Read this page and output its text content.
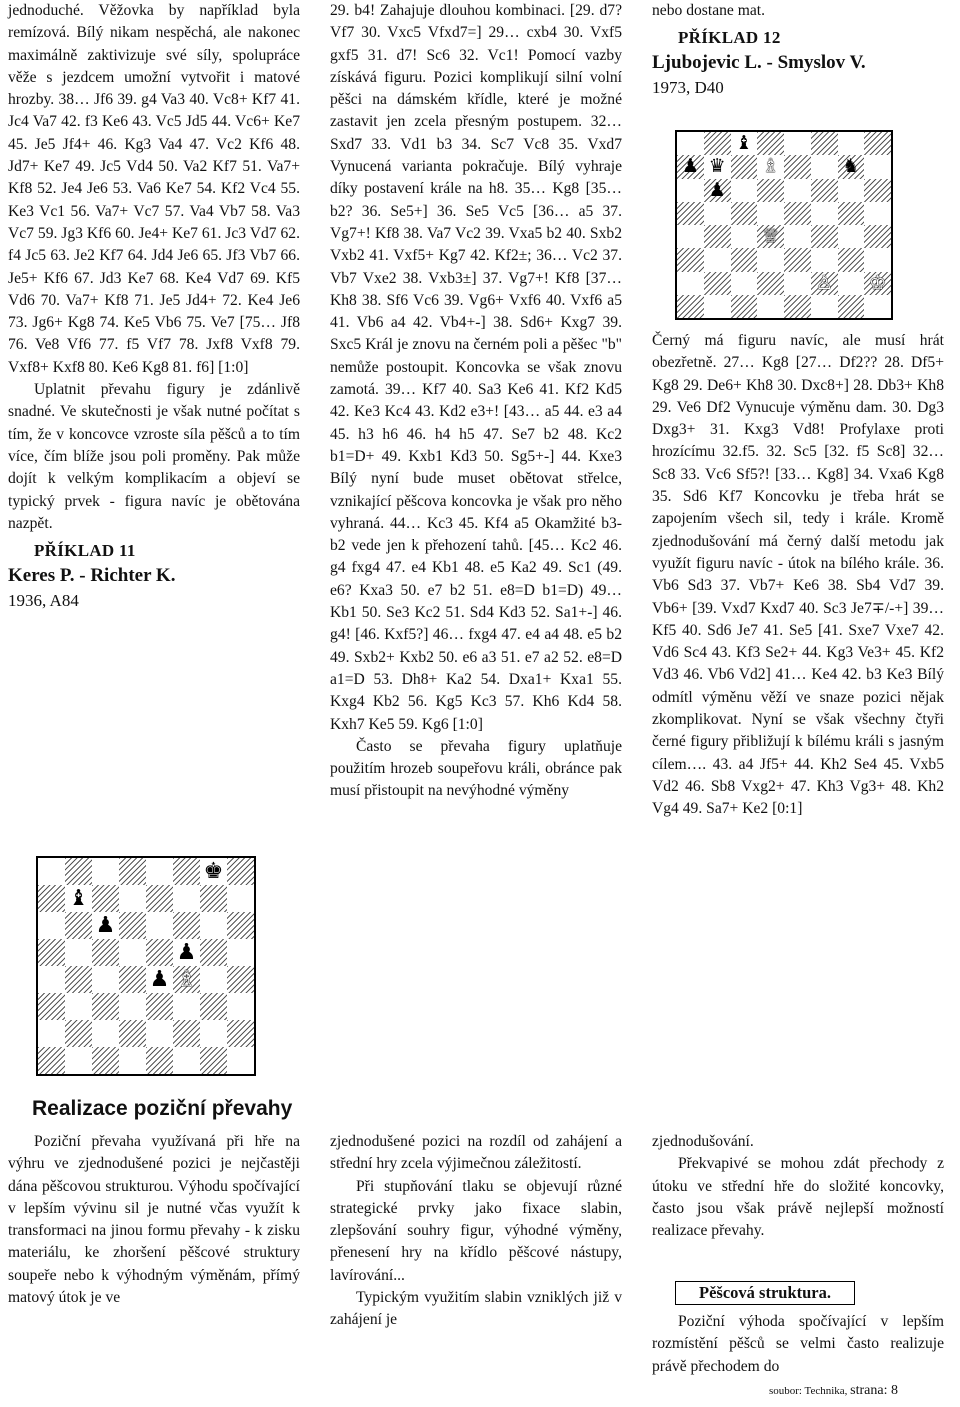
jednoduché. Věžovka by například byla remízová. Bílý nikam nespěchá, ale nakonec maximálně zaktivizuje své síly, spolupráce věže s jezdcem umožní vytvořit i matové hrozby. 38… Jf6 39. g4 Va3 40. Vc8+ Kf7 41. Jc4 Va7 42. f3 Ke6 43. Vc5 Jd5 44. Vc6+ Ke7 45. Je5 Jf4+ 46. Kg3 Va4 47. Vc2 Kf6 48. Jd7+ Ke7 49. Jc5 Vd4 50. Va2 Kf7 51. Va7+ Kf8 52. Je4 Je6 53. Va6 Ke7 54. Kf2 Vc4 55. Ke3 Vc1 56. Va7+ Vc7 57. Va4 Vb7 58. Va3 Vc7 59. Jg3 Kf6 60. Je4+ Ke7 61. Jc3 Vd7 62. f4 Jc5 63. Je2 Kf7 64. Jd4 Je6 65. Jf3 Vb7 66. Je5+ Kf6 67. Jd3 Ke7 68. Ke4 Vd7 69. Kf5 Vd6 70. Va7+ Kf8 71. Je5 Jd4+ 72. Ke4 Je6 73. Jg6+ Kg8 74. Ke5 Vb6 75. Ve7 [75… Jf8 76. Ve8 Vf6 77. f5 Vf7 78. Jxf8 Vxf8 79. Vxf8+ Kxf8 80. Ke6 Kg8 81. f6] [1:0]

Uplatnit převahu figury je zdánlivě snadné. Ve skutečnosti je však nutné počítat s tím, že v koncovce vzroste síla pěšců a to tím více, čím blíže jsou poli proměny. Pak může dojít k velkým komplikacím a objeví se typický prvek - figura navíc je obětována nazpět.

PŘÍKLAD 11

Keres P. - Richter K.

1936, A84

♚
♝
♟
♟
♟ ♗
Realizace poziční převahy

Poziční převaha využívaná při hře na výhru ve zjednodušené pozici je nejčastěji dána pěšcovou strukturou. Výhodu spočívající v lepším vývinu sil je nutné včas využít k transformaci na jinou formu převahy - k zisku materiálu, ke zhoršení pěšcové struktury soupeře nebo k výhodným výměnám, přímý matový útok je ve

29. b4! Zahajuje dlouhou kombinaci. [29. d7? Vf7 30. Vxc5 Vfxd7=] 29… cxb4 30. Vxf5 gxf5 31. d7! Sc6 32. Vc1! Pomocí vazby získává figuru. Pozici komplikují silní volní pěšci na dámském křídle, které je možné zastavit jen zcela přesným postupem. 32… Sxd7 33. Vd1 b3 34. Sc7 Vc8 35. Vxd7 Vynucená varianta pokračuje. Bílý vyhraje díky postavení krále na h8. 35… Kg8 [35… b2? 36. Se5+] 36. Se5 Vc5 [36… a5 37. Vg7+! Kf8 38. Va7 Vc2 39. Vxa5 b2 40. Sxb2 Vxb2 41. Vxf5+ Kg7 42. Kf2±; 36… Vc2 37. Vb7 Vxe2 38. Vxb3±] 37. Vg7+! Kf8 [37… Kh8 38. Sf6 Vc6 39. Vg6+ Vxf6 40. Vxf6 a5 41. Vb6 a4 42. Vb4+-] 38. Sd6+ Kxg7 39. Sxc5 Král je znovu na černém poli a pěšec "b" nemůže postoupit. Koncovka se však znovu zamotá. 39… Kf7 40. Sa3 Ke6 41. Kf2 Kd5 42. Ke3 Kc4 43. Kd2 e3+! [43… a5 44. e3 a4 45. h3 h6 46. h4 h5 47. Se7 b2 48. Kc2 b1=D+ 49. Kxb1 Kd3 50. Sg5+-] 44. Kxe3 Bílý nyní bude muset obětovat střelce, vznikající pěšcova koncovka je však pro něho vyhraná. 44… Kc3 45. Kf4 a5 Okamžité b3-b2 vede jen k přehození tahů. [45… Kc2 46. g4 fxg4 47. e4 Kb1 48. e5 Ka2 49. Sc1 (49. e6? Kxa3 50. e7 b2 51. e8=D b1=D) 49… Kb1 50. Se3 Kc2 51. Sd4 Kd3 52. Sa1+-] 46. g4! [46. Kxf5?] 46… fxg4 47. e4 a4 48. e5 b2 49. Sxb2+ Kxb2 50. e6 a3 51. e7 a2 52. e8=D a1=D 53. Dh8+ Ka2 54. Dxa1+ Kxa1 55. Kxg4 Kb2 56. Kg5 Kc3 57. Kh6 Kd4 58. Kxh7 Ke5 59. Kg6 [1:0]

Často se převaha figury uplatňuje použitím hrozeb soupeřovu králi, obránce pak musí přistoupit na nevýhodné výměny

zjednodušené pozici na rozdíl od zahájení a střední hry zcela výjimečnou záležitostí.

Při stupňování tlaku se objevují různé strategické prvky jako fixace slabin, zlepšování souhry figur, výhodné výměny, přenesení hry na křídlo pěšcové nástupy, lavírování...

Typickým využitím slabin vzniklých již v zahájení je

nebo dostane mat.

PŘÍKLAD 12

Ljubojevic L. - Smyslov V.

1973, D40

♝
♟ ♛ ♗	♞
♟
♕
♙ ♔

Černý má figuru navíc, ale musí hrát obezřetně. 27… Kg8 [27… Df2?? 28. Df5+ Kg8 29. De6+ Kh8 30. Dxc8+] 28. Db3+ Kh8 29. Ve6 Df2 Vynucuje výměnu dam. 30. Dg3 Dxg3+ 31. Kxg3 Vd8! Profylaxe proti hrozícímu 32.f5. 32. Sc5 [32. f5 Sc8] 32… Sc8 33. Vc6 Sf5?! [33… Kg8] 34. Vxa6 Kg8 35. Sd6 Kf7 Koncovku je třeba hrát se zapojením všech sil, tedy i krále. Kromě zjednodušování má černý další metodu jak využít figuru navíc - útok na bílého krále. 36. Vb6 Sd3 37. Vb7+ Ke6 38. Sb4 Vd7 39. Vb6+ [39. Vxd7 Kxd7 40. Sc3 Je7∓/-+] 39… Kf5 40. Sd6 Je7 41. Se5 [41. Sxe7 Vxe7 42. Vd6 Sc4 43. Kf3 Se2+ 44. Kg3 Ve3+ 45. Kf2 Vd3 46. Vb6 Vd2] 41… Ke4 42. b3 Ke3 Bílý odmítl výměnu věží ve snaze pozici nějak zkomplikovat. Nyní se však všechny čtyři černé figury přibližují k bílému králi s jasným cílem…. 43. a4 Jf5+ 44. Kh2 Se4 45. Vxb5 Vd2 46. Sb8 Vxg2+ 47. Kh3 Vg3+ 48. Kh2 Vg4 49. Sa7+ Ke2 [0:1]

zjednodušování.

Překvapivé se mohou zdát přechody z útoku ve střední hře do složité koncovky, často jsou však právě nejlepší možností realizace převahy.

Pěšcová struktura.

Poziční výhoda spočívající v lepším rozmístění pěšců se velmi často realizuje právě přechodem do

soubor: Technika, strana: 8
